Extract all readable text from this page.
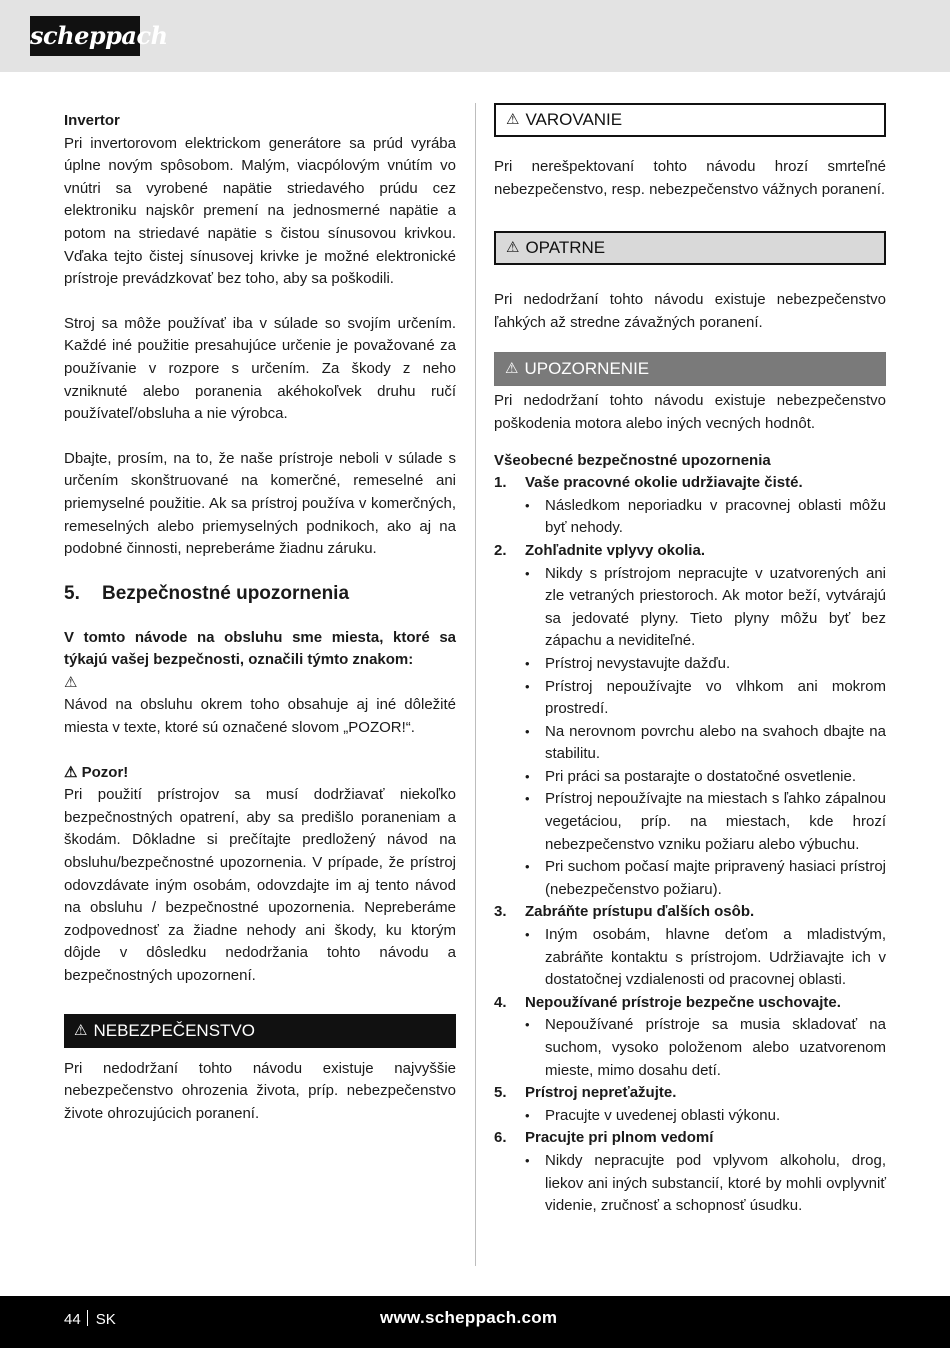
scheppach
Invertor

Pri invertorovom elektrickom generátore sa prúd vyrába úplne novým spôsobom. Malým, viacpólovým vnútím vo vnútri sa vyrobené napätie striedavého prúdu cez elektroniku najskôr premení na jednosmerné napätie a potom na striedavé napätie s čistou sínusovou krivkou. Vďaka tejto čistej sínusovej krivke je možné elektronické prístroje prevádzkovať bez toho, aby sa poškodili.

Stroj sa môže používať iba v súlade so svojím určením. Každé iné použitie presahujúce určenie je považované za používanie v rozpore s určením. Za škody z neho vzniknuté alebo poranenia akéhokoľvek druhu ručí používateľ/obsluha a nie výrobca.

Dbajte, prosím, na to, že naše prístroje neboli v súlade s určením skonštruované na komerčné, remeselné ani priemyselné použitie. Ak sa prístroj používa v komerčných, remeselných alebo priemyselných podnikoch, ako aj na podobné činnosti, nepreberáme žiadnu záruku.

5.	Bezpečnostné upozornenia

V tomto návode na obsluhu sme miesta, ktoré sa týkajú vašej bezpečnosti, označili týmto znakom:

⚠

Návod na obsluhu okrem toho obsahuje aj iné dôležité miesta v texte, ktoré sú označené slovom „POZOR!“.

⚠ Pozor!

Pri použití prístrojov sa musí dodržiavať niekoľko bezpečnostných opatrení, aby sa predišlo poraneniam a škodám. Dôkladne si prečítajte predložený návod na obsluhu/bezpečnostné upozornenia. V prípade, že prístroj odovzdávate iným osobám, odovzdajte im aj tento návod na obsluhu / bezpečnostné upozornenia. Nepreberáme zodpovednosť za žiadne nehody ani škody, ku ktorým dôjde v dôsledku nedodržania tohto návodu a bezpečnostných upozornení.

⚠ NEBEZPEČENSTVO

Pri nedodržaní tohto návodu existuje najvyššie nebezpečenstvo ohrozenia života, príp. nebezpečenstvo živote ohrozujúcich poranení.

⚠ VAROVANIE

Pri nerešpektovaní tohto návodu hrozí smrteľné nebezpečenstvo, resp. nebezpečenstvo vážnych poranení.

⚠ OPATRNE

Pri nedodržaní tohto návodu existuje nebezpečenstvo ľahkých až stredne závažných poranení.

⚠ UPOZORNENIE

Pri nedodržaní tohto návodu existuje nebezpečenstvo poškodenia motora alebo iných vecných hodnôt.

Všeobecné bezpečnostné upozornenia
1.	Vaše pracovné okolie udržiavajte čisté.
•	Následkom neporiadku v pracovnej oblasti môžu byť nehody.
2.	Zohľadnite vplyvy okolia.
•	Nikdy s prístrojom nepracujte v uzatvorených ani zle vetraných priestoroch. Ak motor beží, vytvárajú sa jedovaté plyny. Tieto plyny môžu byť bez zápachu a neviditeľné.
•	Prístroj nevystavujte dažďu.
•	Prístroj nepoužívajte vo vlhkom ani mokrom prostredí.
•	Na nerovnom povrchu alebo na svahoch dbajte na stabilitu.
•	Pri práci sa postarajte o dostatočné osvetlenie.
•	Prístroj nepoužívajte na miestach s ľahko zápalnou vegetáciou, príp. na miestach, kde hrozí nebezpečenstvo vzniku požiaru alebo výbuchu.
•	Pri suchom počasí majte pripravený hasiaci prístroj (nebezpečenstvo požiaru).
3.	Zabráňte prístupu ďalších osôb.
•	Iným osobám, hlavne deťom a mladistvým, zabráňte kontaktu s prístrojom. Udržiavajte ich v dostatočnej vzdialenosti od pracovnej oblasti.
4.	Nepoužívané prístroje bezpečne uschovajte.
•	Nepoužívané prístroje sa musia skladovať na suchom, vysoko položenom alebo uzatvorenom mieste, mimo dosahu detí.
5.	Prístroj nepreťažujte.
•	Pracujte v uvedenej oblasti výkonu.
6.	Pracujte pri plnom vedomí
•	Nikdy nepracujte pod vplyvom alkoholu, drog, liekov ani iných substancií, ktoré by mohli ovplyvniť videnie, zručnosť a schopnosť úsudku.
44 SK	www.scheppach.com
